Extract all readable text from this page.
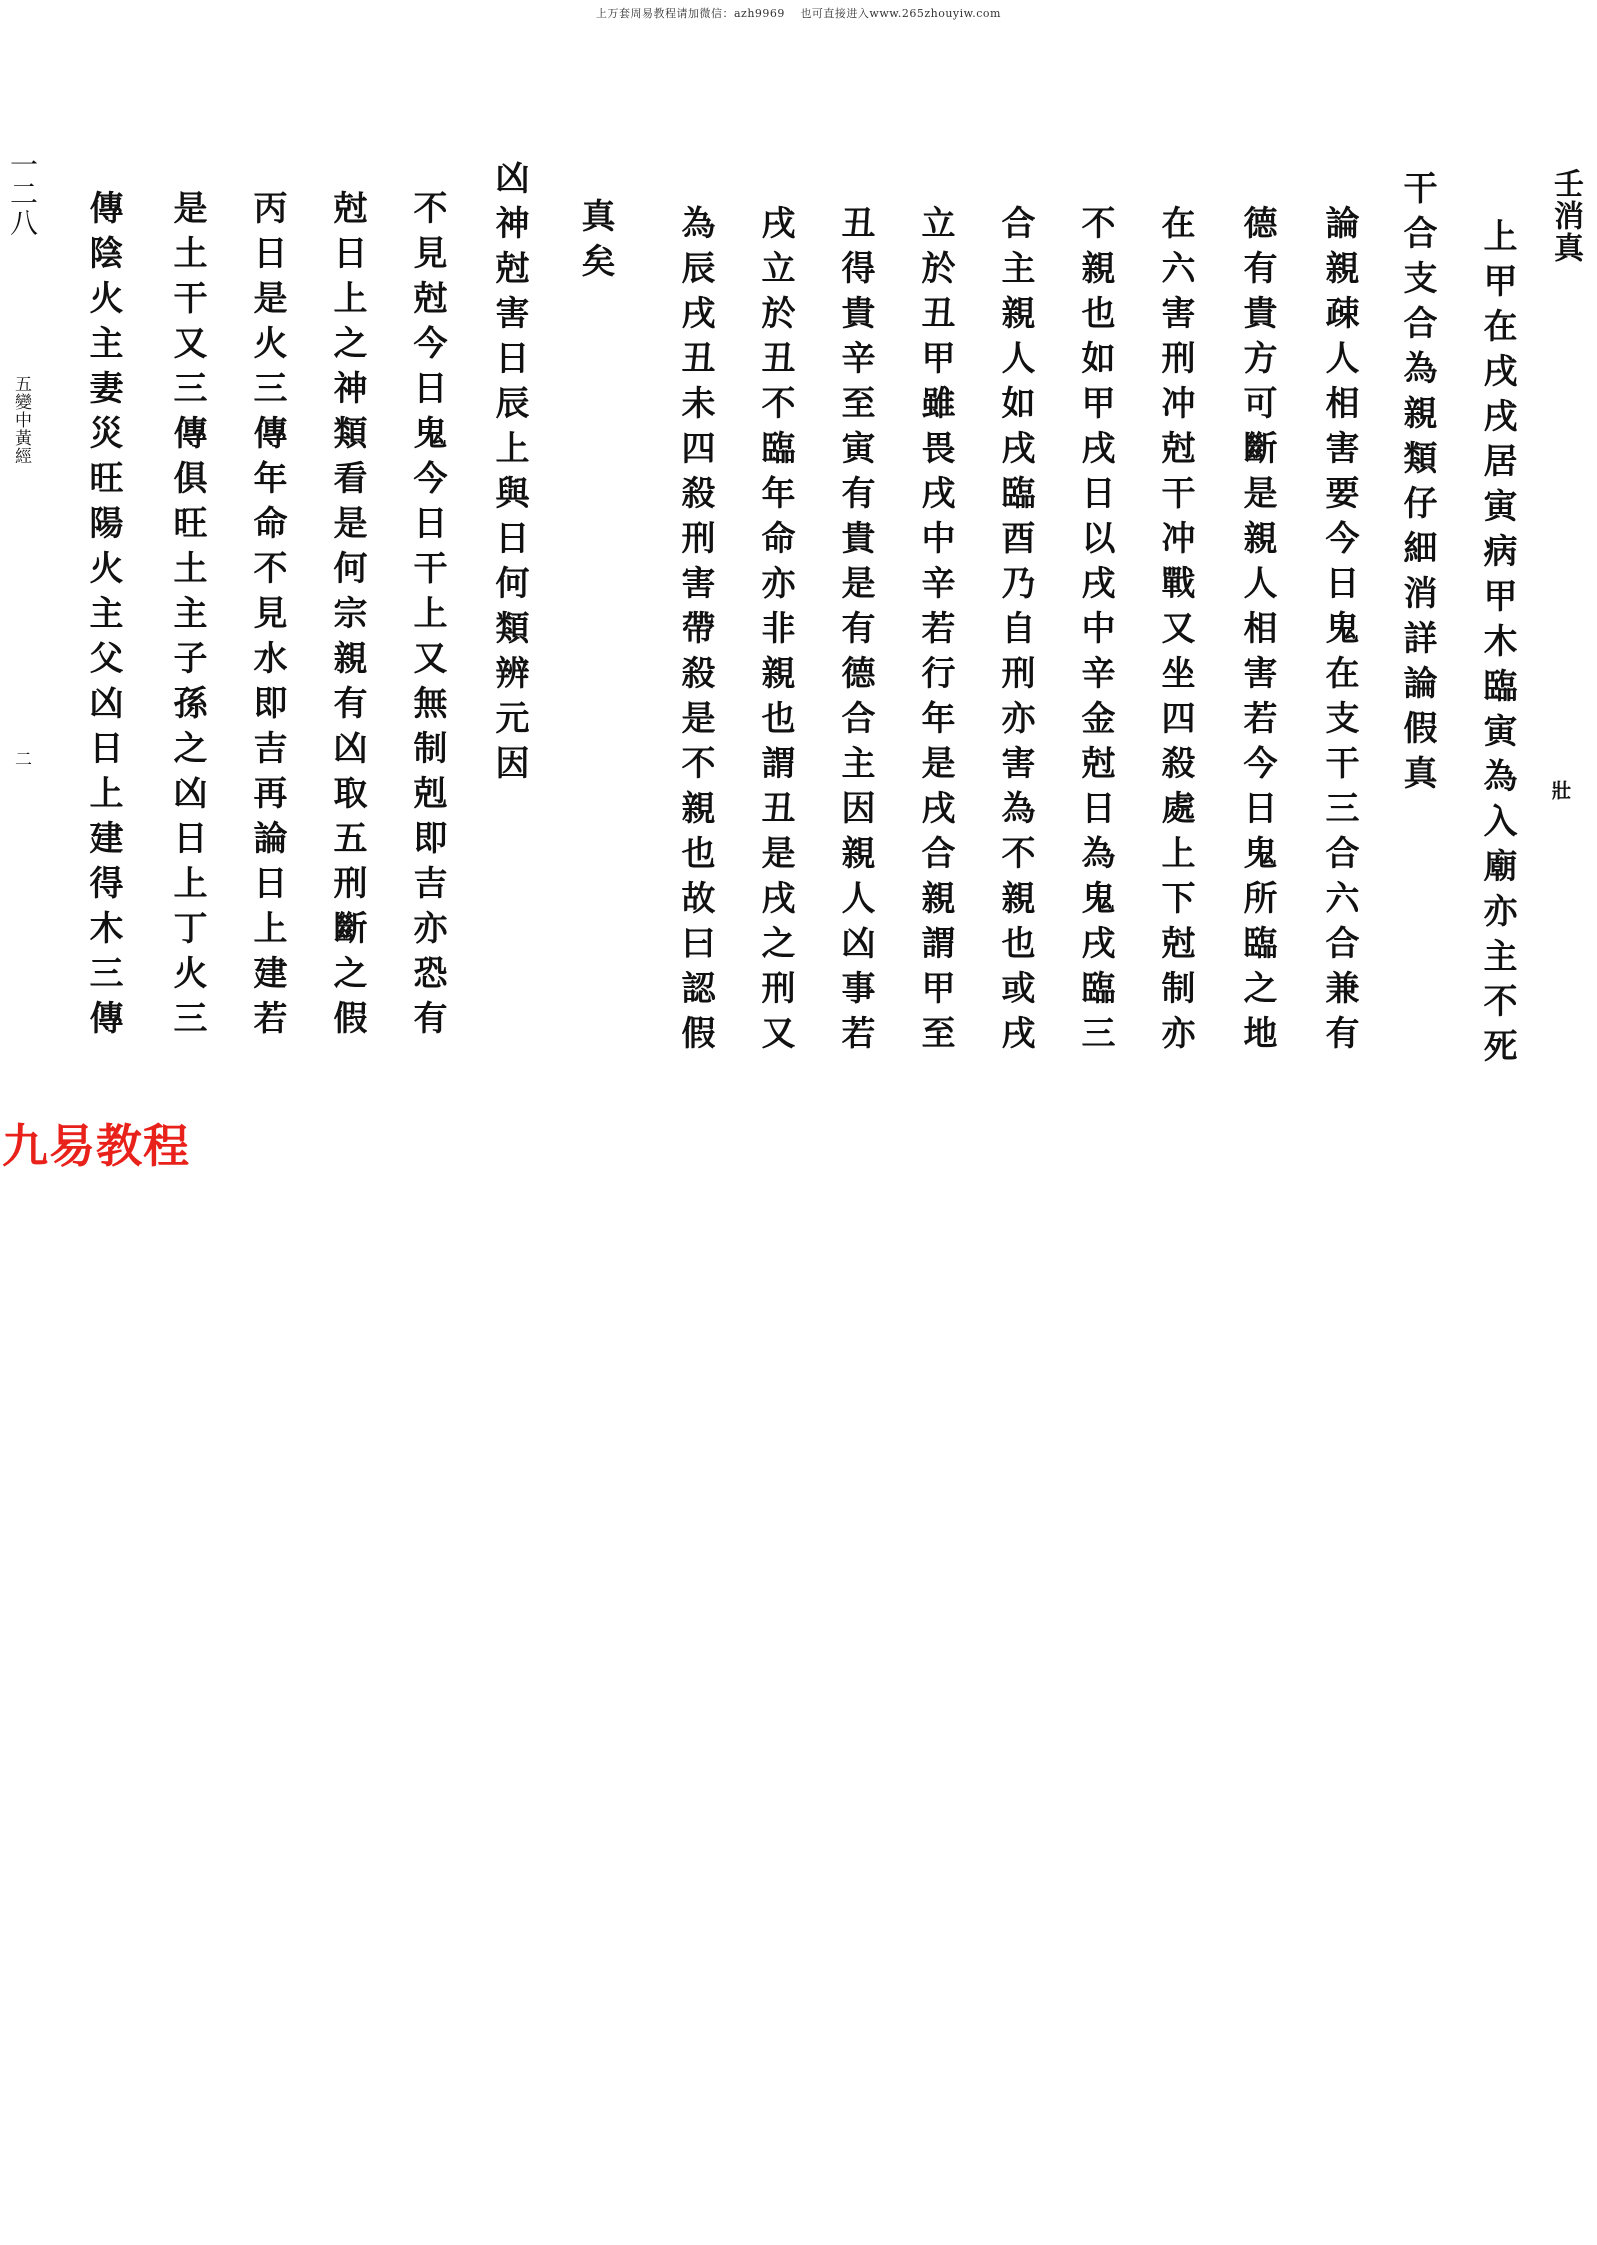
上万套周易教程请加微信：azh9969　 也可直接进入www.265zhouyiw.com
壬消真
壯
上甲在戌戌居寅病甲木臨寅為入廟亦主不死
干合支合為親類仔細消詳論假真
論親疎人相害要今日鬼在支干三合六合兼有
德有貴方可斷是親人相害若今日鬼所臨之地
在六害刑冲尅干冲戰又坐四殺處上下尅制亦
不親也如甲戌日以戌中辛金尅日為鬼戌臨三
合主親人如戌臨酉乃自刑亦害為不親也或戌
立於丑甲雖畏戌中辛若行年是戌合親謂甲至
丑得貴辛至寅有貴是有德合主因親人凶事若
戌立於丑不臨年命亦非親也謂丑是戌之刑又
為辰戌丑未四殺刑害帶殺是不親也故曰認假
真矣
凶神尅害日辰上與日何類辨元因
不見尅今日鬼今日干上又無制剋即吉亦恐有
尅日上之神類看是何宗親有凶取五刑斷之假
丙日是火三傳年命不見水即吉再論日上建若
是土干又三傳俱旺土主子孫之凶日上丁火三
傳陰火主妻災旺陽火主父凶日上建得木三傳
一二八
五變中黃經
二
九易教程
